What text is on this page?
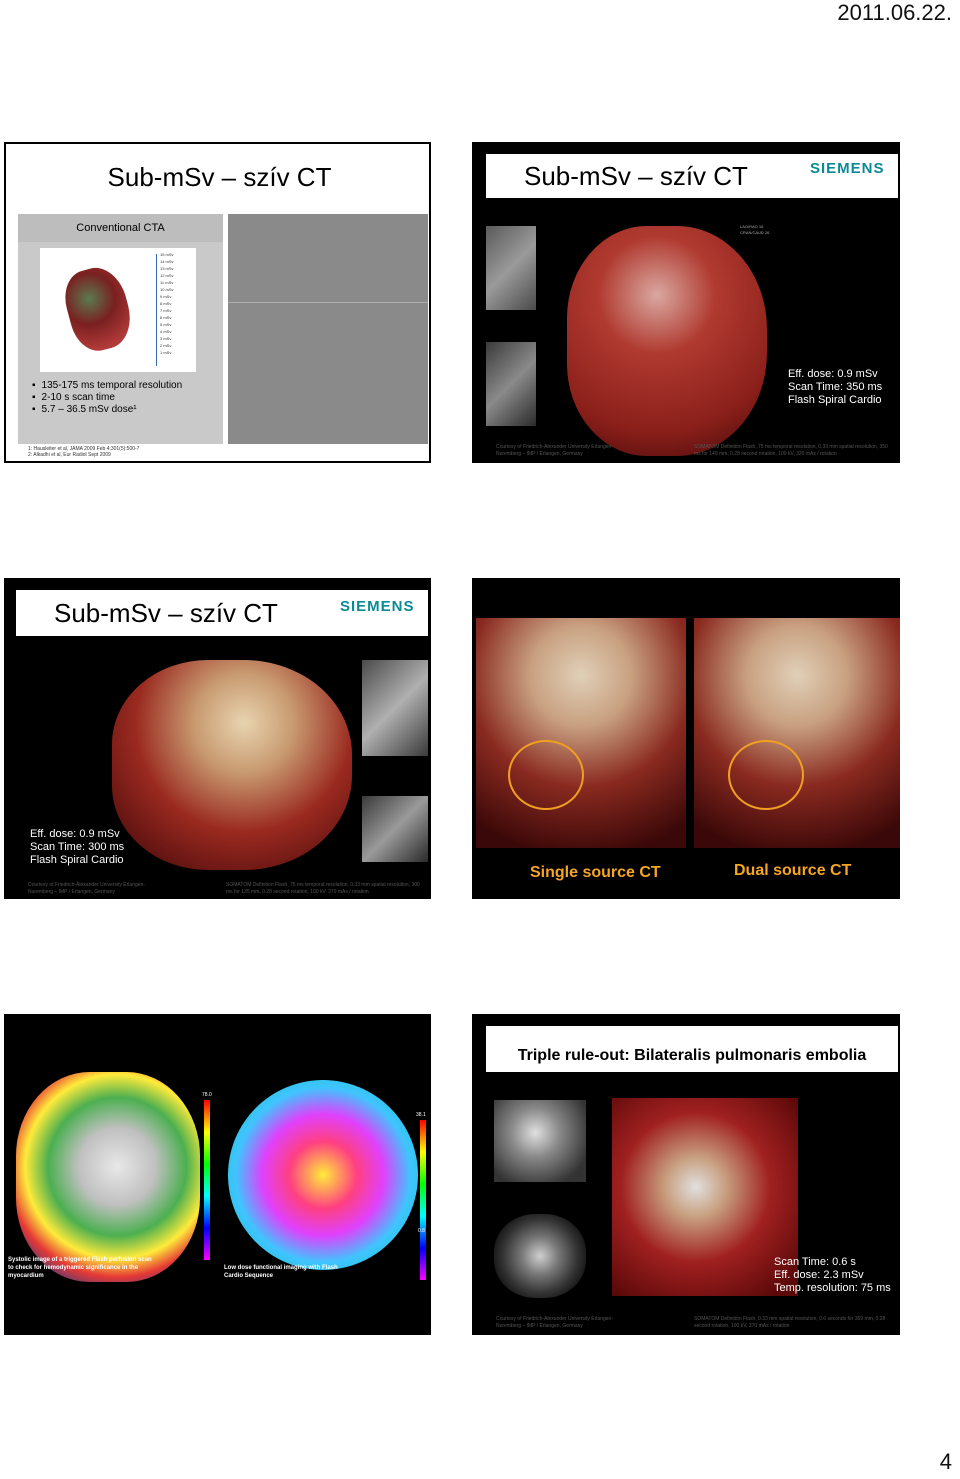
2011.06.22.
Sub-mSv – szív CT
Conventional CTA
15 mSv
14 mSv
13 mSv
12 mSv
11 mSv
10 mSv
9 mSv
8 mSv
7 mSv
6 mSv
5 mSv
4 mSv
3 mSv
2 mSv
1 mSv
▪ 135-175 ms temporal resolution
▪ 2-10 s scan time
▪ 5.7 – 36.5 mSv dose¹
1: Hausleiter et al, JAMA 2009 Feb 4;301(5):500-7
2: Alkadhi et al, Eur Radiol Sept 2009
Sub-mSv – szív CT	SIEMENS
LAO/RAO 16
CRAN/CAUD 26
Eff. dose: 0.9 mSv
Scan Time: 350 ms
Flash Spiral Cardio
Courtesy of Friedrich-Alexander University Erlangen-Nuremberg – IMP / Erlangen, Germany
SOMATOM Definition Flash, 75 ms temporal resolution, 0.33 mm spatial resolution, 350 ms for 149 mm, 0.28 second rotation, 100 kV, 320 mAs / rotation
Sub-mSv – szív CT	SIEMENS
Eff. dose: 0.9 mSv
Scan Time: 300 ms
Flash Spiral Cardio
Courtesy of Friedrich-Alexander University Erlangen-Nuremberg – IMP / Erlangen, Germany
SOMATOM Definition Flash, 75 ms temporal resolution, 0.33 mm spatial resolution, 300 ms for 135 mm, 0.28 second rotation, 100 kV, 370 mAs / rotation
Single source CT	Dual source CT
78.0
38.1
0.8
Systolic image of a triggered Flash perfusion scan to check for hemodynamic significance in the myocardium
Low dose functional imaging with Flash Cardio Sequence
Triple rule-out: Bilateralis pulmonaris embolia
Scan Time: 0.6 s
Eff. dose: 2.3 mSv
Temp. resolution: 75 ms
Courtesy of Friedrich-Alexander University Erlangen-Nuremberg – IMP / Erlangen, Germany
SOMATOM Definition Flash, 0.33 mm spatial resolution, 0.6 seconds for 369 mm, 0.28 second rotation, 100 kV, 370 mAs / rotation
4
